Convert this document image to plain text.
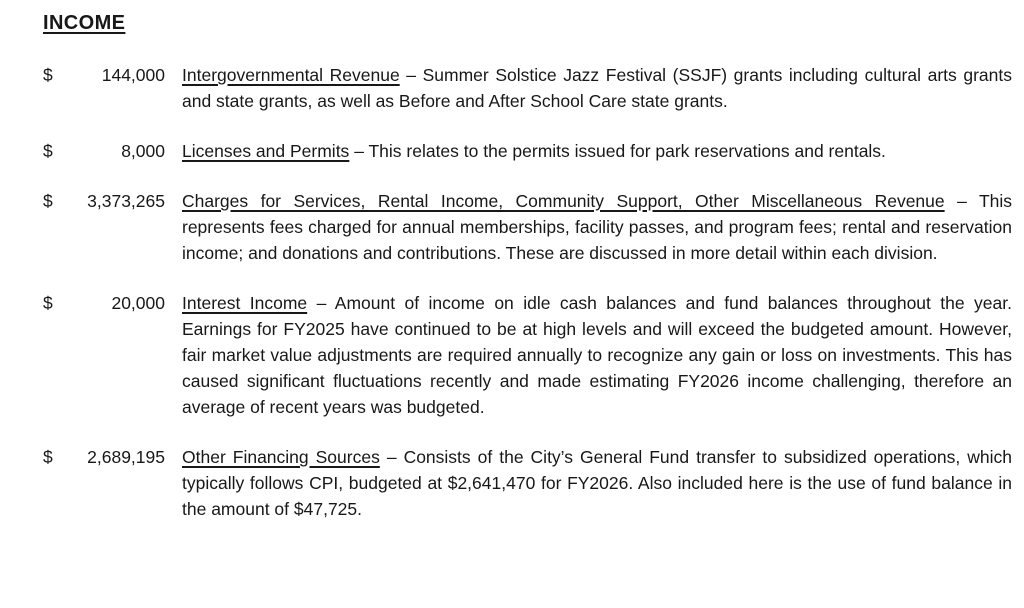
INCOME
$	144,000 Intergovernmental Revenue – Summer Solstice Jazz Festival (SSJF) grants including cultural arts grants and state grants, as well as Before and After School Care state grants.

$	8,000 Licenses and Permits – This relates to the permits issued for park reservations and rentals.

$ 3,373,265 Charges for Services, Rental Income, Community Support, Other Miscellaneous Revenue – This represents fees charged for annual memberships, facility passes, and program fees; rental and reservation income; and donations and contributions. These are discussed in more detail within each division.

$	20,000 Interest Income – Amount of income on idle cash balances and fund balances throughout the year. Earnings for FY2025 have continued to be at high levels and will exceed the budgeted amount. However, fair market value adjustments are required annually to recognize any gain or loss on investments. This has caused significant fluctuations recently and made estimating FY2026 income challenging, therefore an average of recent years was budgeted.

$ 2,689,195 Other Financing Sources – Consists of the City’s General Fund transfer to subsidized operations, which typically follows CPI, budgeted at $2,641,470 for FY2026. Also included here is the use of fund balance in the amount of $47,725.
